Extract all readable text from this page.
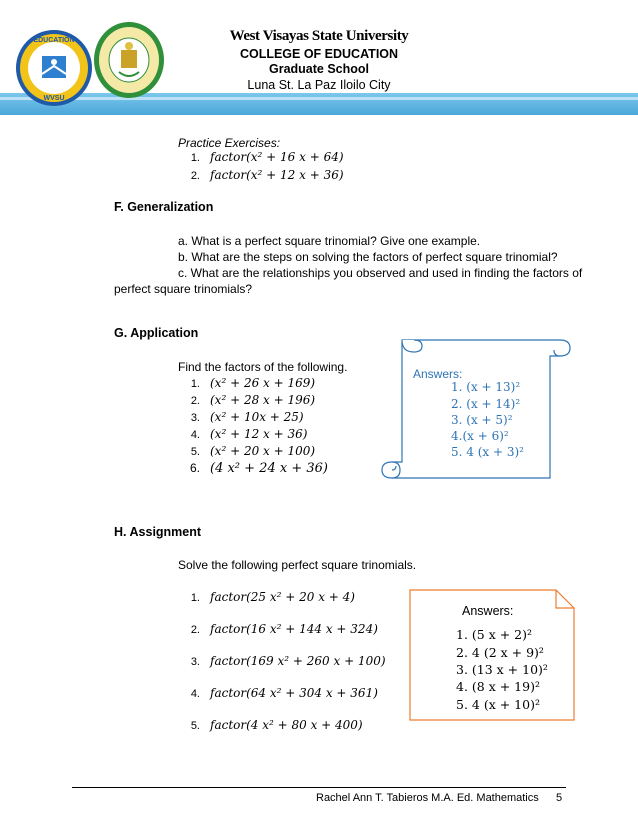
EDUCATION
WVSU
West Visayas State University
COLLEGE OF EDUCATION
Graduate School
Luna St. La Paz Iloilo City
Practice Exercises:
1. factor(x² + 16 x + 64)
2. factor(x² + 12 x + 36)
F. Generalization
a. What is a perfect square trinomial? Give one example.
b. What are the steps on solving the factors of perfect square trinomial?
c. What are the relationships you observed and used in finding the factors of
perfect square trinomials?
G. Application
Find the factors of the following.
1. (x² + 26 x + 169)
2. (x² + 28 x + 196)
3. (x² + 10x + 25)
4. (x² + 12 x + 36)
5. (x² + 20 x + 100)
6. (4 x² + 24 x + 36)
Answers:
1. (x + 13)²
2. (x + 14)²
3. (x + 5)²
4.(x + 6)²
5. 4 (x + 3)²
H. Assignment
Solve the following perfect square trinomials.
1. factor(25 x² + 20 x + 4)
2. factor(16 x² + 144 x + 324)
3. factor(169 x² + 260 x + 100)
4. factor(64 x² + 304 x + 361)
5. factor(4 x² + 80 x + 400)
Answers:
1. (5 x + 2)²
2. 4 (2 x + 9)²
3. (13 x + 10)²
4. (8 x + 19)²
5. 4 (x + 10)²
Rachel Ann T. Tabieros M.A. Ed. Mathematics 5
